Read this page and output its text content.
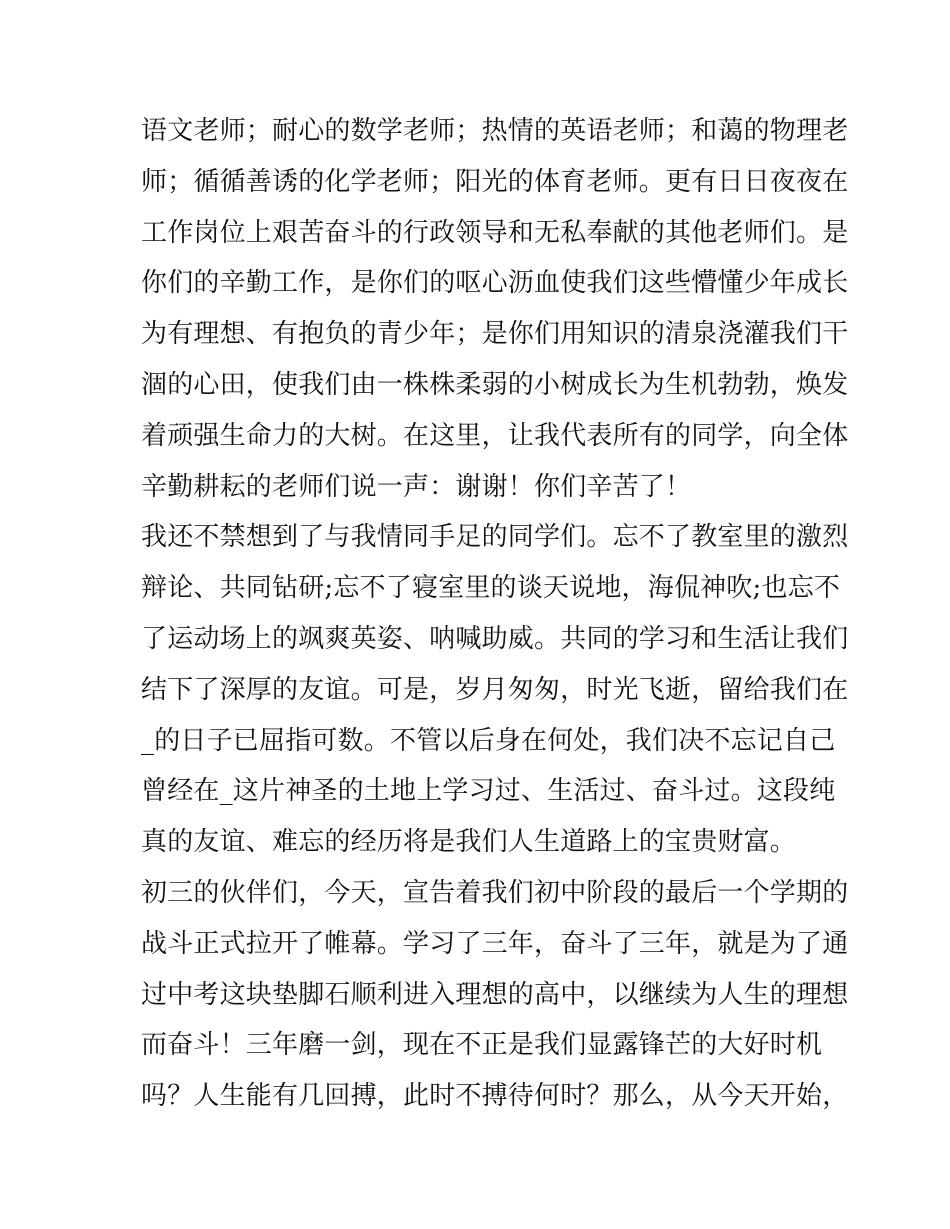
语文老师；耐心的数学老师；热情的英语老师；和蔼的物理老
师；循循善诱的化学老师；阳光的体育老师。更有日日夜夜在
工作岗位上艰苦奋斗的行政领导和无私奉献的其他老师们。是
你们的辛勤工作，是你们的呕心沥血使我们这些懵懂少年成长
为有理想、有抱负的青少年；是你们用知识的清泉浇灌我们干
涸的心田，使我们由一株株柔弱的小树成长为生机勃勃，焕发
着顽强生命力的大树。在这里，让我代表所有的同学，向全体
辛勤耕耘的老师们说一声：谢谢！你们辛苦了！
我还不禁想到了与我情同手足的同学们。忘不了教室里的激烈
辩论、共同钻研;忘不了寝室里的谈天说地，海侃神吹;也忘不
了运动场上的飒爽英姿、呐喊助威。共同的学习和生活让我们
结下了深厚的友谊。可是，岁月匆匆，时光飞逝，留给我们在
_的日子已屈指可数。不管以后身在何处，我们决不忘记自己
曾经在_这片神圣的土地上学习过、生活过、奋斗过。这段纯
真的友谊、难忘的经历将是我们人生道路上的宝贵财富。
初三的伙伴们，今天，宣告着我们初中阶段的最后一个学期的
战斗正式拉开了帷幕。学习了三年，奋斗了三年，就是为了通
过中考这块垫脚石顺利进入理想的高中，以继续为人生的理想
而奋斗！三年磨一剑，现在不正是我们显露锋芒的大好时机
吗？人生能有几回搏，此时不搏待何时？那么，从今天开始，
